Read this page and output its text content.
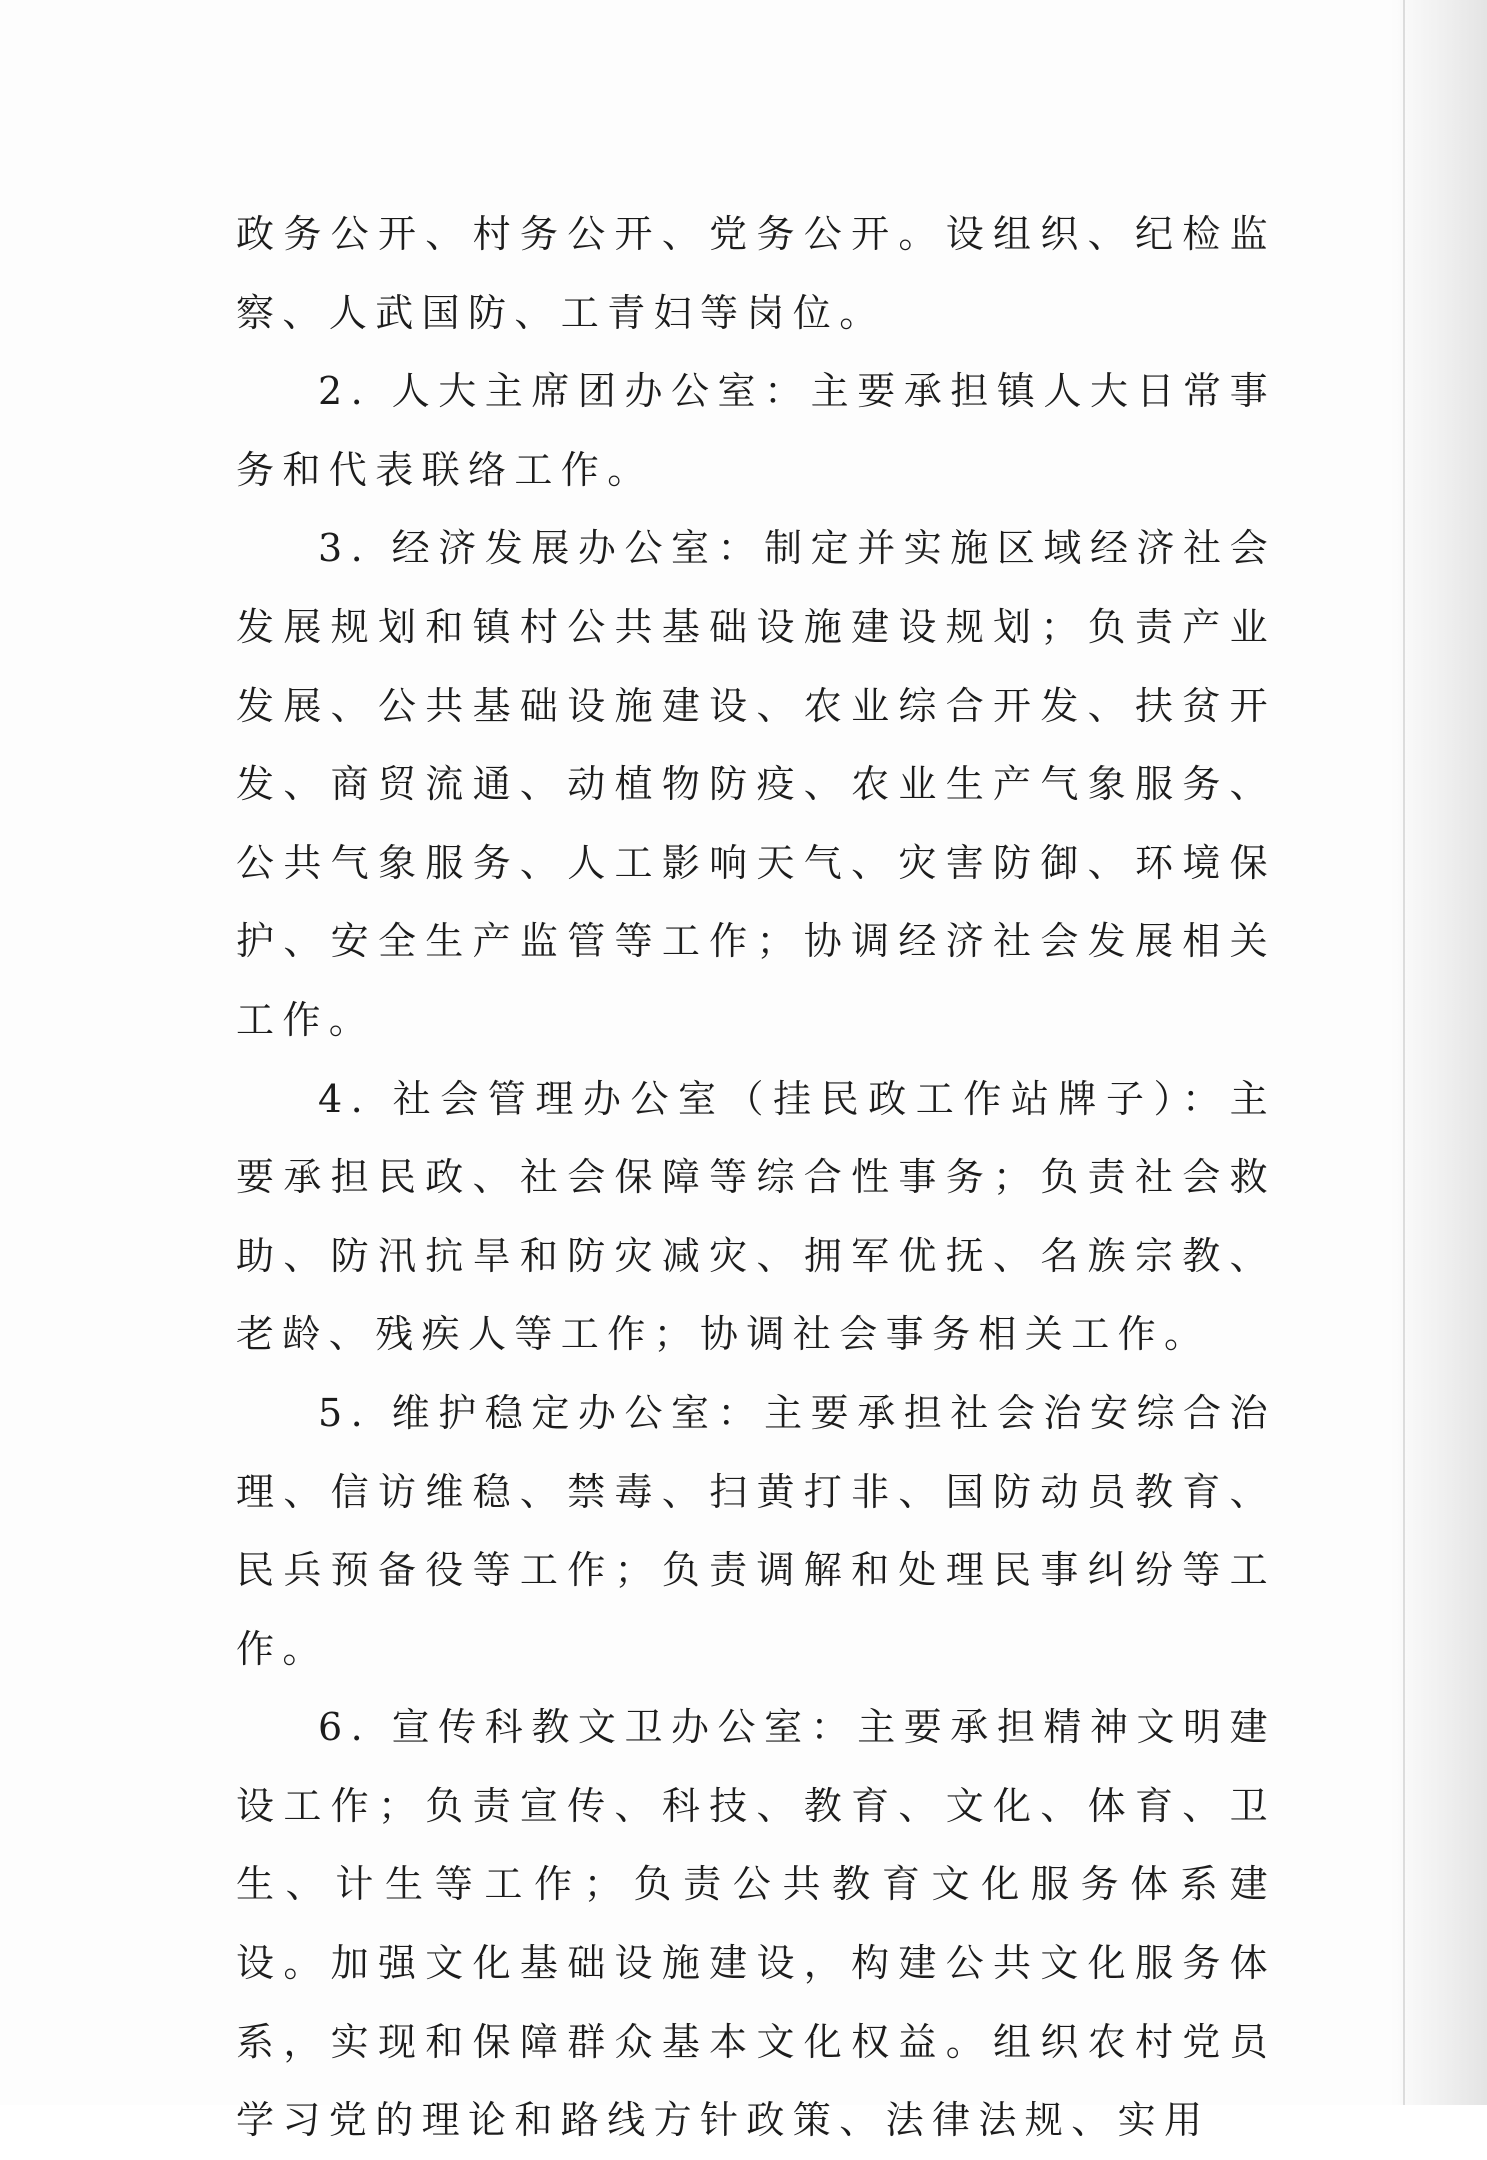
政务公开、村务公开、党务公开。设组织、纪检监察、人武国防、工青妇等岗位。

2. 人大主席团办公室：主要承担镇人大日常事务和代表联络工作。

3. 经济发展办公室：制定并实施区域经济社会发展规划和镇村公共基础设施建设规划；负责产业发展、公共基础设施建设、农业综合开发、扶贫开发、商贸流通、动植物防疫、农业生产气象服务、公共气象服务、人工影响天气、灾害防御、环境保护、安全生产监管等工作；协调经济社会发展相关工作。

4. 社会管理办公室（挂民政工作站牌子）：主要承担民政、社会保障等综合性事务；负责社会救助、防汛抗旱和防灾减灾、拥军优抚、名族宗教、老龄、残疾人等工作；协调社会事务相关工作。

5. 维护稳定办公室：主要承担社会治安综合治理、信访维稳、禁毒、扫黄打非、国防动员教育、民兵预备役等工作；负责调解和处理民事纠纷等工作。

6. 宣传科教文卫办公室：主要承担精神文明建设工作；负责宣传、科技、教育、文化、体育、卫生、计生等工作；负责公共教育文化服务体系建设。加强文化基础设施建设，构建公共文化服务体系，实现和保障群众基本文化权益。组织农村党员学习党的理论和路线方针政策、法律法规、实用
